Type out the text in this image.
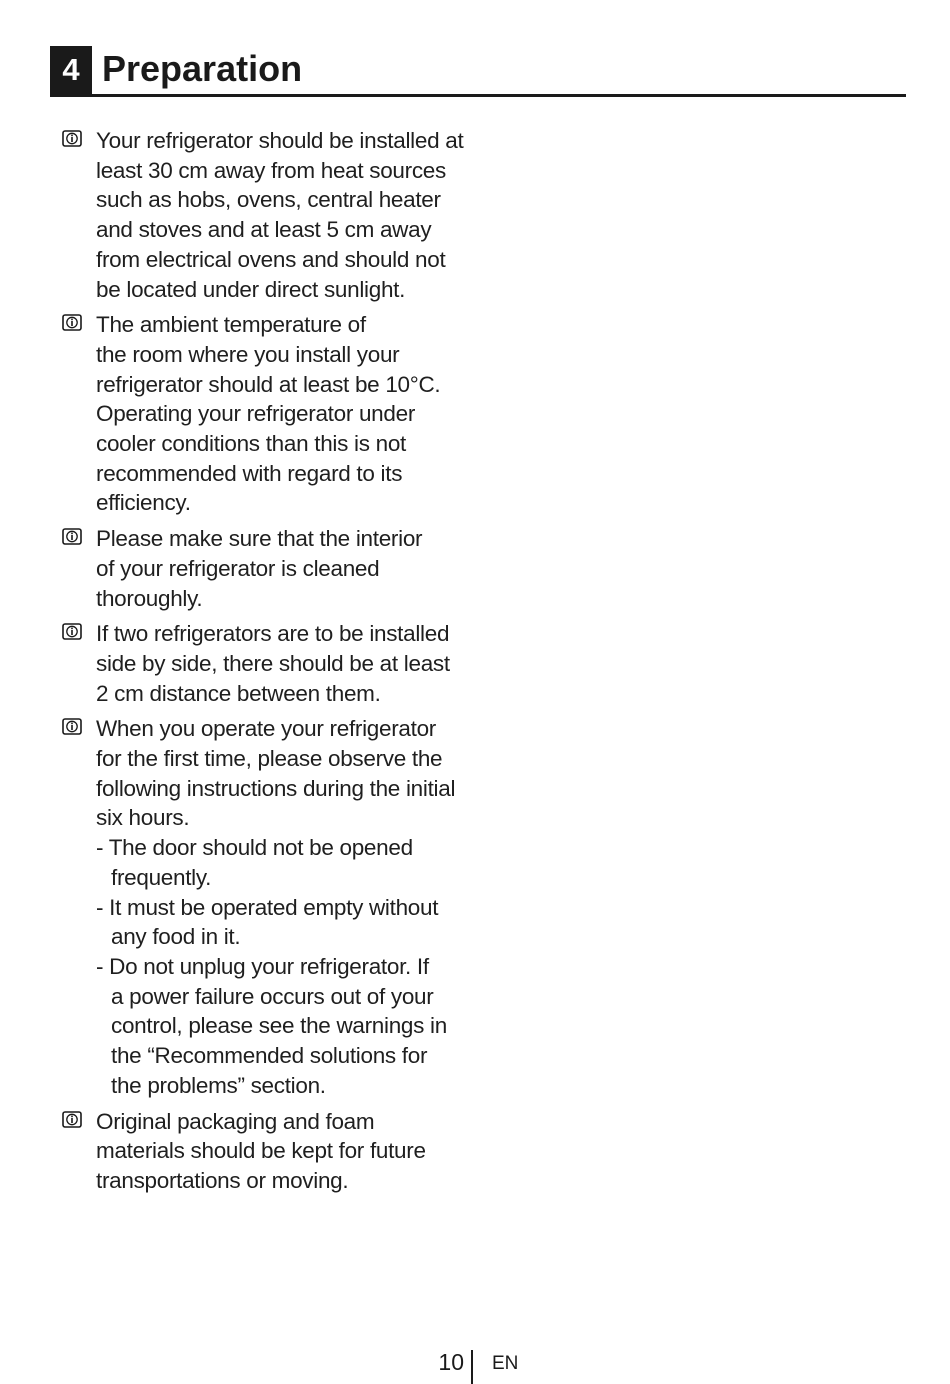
4 Preparation
Your refrigerator should be installed at
least 30 cm away from heat sources
such as hobs, ovens, central heater
and stoves and at least 5 cm away
from electrical ovens and should not
be located under direct sunlight.
The ambient temperature of
the room where you install your
refrigerator should at least be 10°C.
Operating your refrigerator under
cooler conditions than this is not
recommended with regard to its
efficiency.
Please make sure that the interior
of your refrigerator is cleaned
thoroughly.
If two refrigerators are to be installed
side by side, there should be at least
2 cm distance between them.
When you operate your refrigerator
for the first time, please observe the
following instructions during the initial
six hours.
- The door should not be opened
frequently.
- It must be operated empty without
any food in it.
- Do not unplug your refrigerator. If
a power failure occurs out of your
control, please see the warnings in
the “Recommended solutions for
the problems” section.
Original packaging and foam
materials should be kept for future
transportations or moving.
10 EN
